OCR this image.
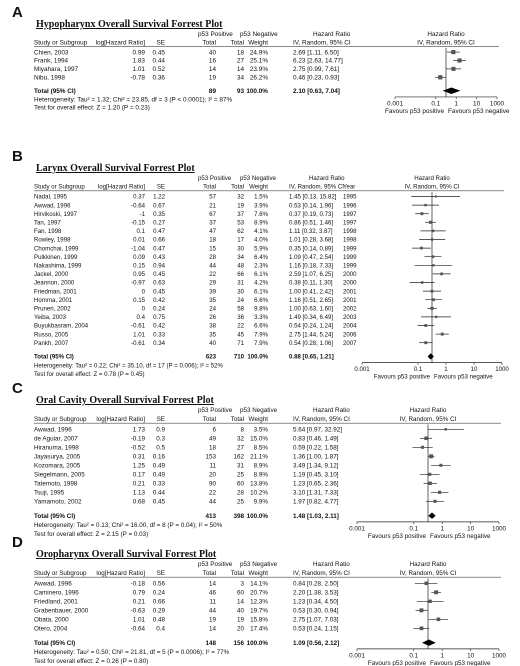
A
Hypopharynx Overall Survival Forrest Plot
p53 Positive p53 Negative	Hazard Ratio	Hazard Ratio
Study or Subgroup log[Hazard Ratio] SE	Total Total Weight	IV, Random, 95% CI	IV, Random, 95% CI
Chien, 2003	0.99 0.45	40	18 24.9%	2.69 [1.11, 6.50]
Frank, 1994	1.83 0.44	16	27 25.1%	6.23 [2.63, 14.77]
Miyahara, 1997	1.01 0.52	14	14 23.9%	2.75 [0.99, 7.61]
Nibu, 1998	-0.78 0.36	19	34 26.2%	0.46 [0.23, 0.93]
Total (95% CI)	89	93 100.0%	2.10 [0.63, 7.04]
Heterogeneity: Tau² = 1.32; Chi² = 23.85, df = 3 (P < 0.0001); I² = 87%
Test for overall effect: Z = 1.20 (P = 0.23)
0.001	0.1 1 10 1000
Favours p53 positive Favours p53 negative
B
Larynx Overall Survival Forrest Plot
p53 Positive p53 Negative	Hazard Ratio	Hazard Ratio
Study or Subgroup log[Hazard Ratio] SE	Total Total Weight	IV, Random, 95% CI Year	IV, Random, 95% CI
Nadal, 1995	0.37 1.22	57	32 1.5%	1.45 [0.13, 15.82] 1995
Awwad, 1996	-0.64 0.67	21	19 3.9%	0.53 [0.14, 1.96] 1996
Hirvikoski, 1997	-1 0.35	67	37 7.6%	0.37 [0.19, 0.73] 1997
Tan, 1997	-0.15 0.27	37	53 8.9%	0.86 [0.51, 1.46] 1997
Fan, 1998	0.1 0.47	47	62 4.1%	1.11 [0.32, 3.87] 1998
Rowley, 1998	0.01 0.66	18	17 4.0%	1.01 [0.28, 3.68] 1998
Chomchai, 1999	-1.04 0.47	15	30 5.9%	0.35 [0.14, 0.89] 1999
Pulkkinen, 1999	0.09 0.43	28	34 6.4%	1.09 [0.47, 2.54] 1999
Nakashima, 1999	0.15 0.94	44	48 2.3%	1.16 [0.18, 7.33] 1999
Jackel, 2000	0.95 0.45	22	66 6.1%	2.59 [1.07, 6.25] 2000
Jeannon, 2000	-0.97 0.63	29	31 4.2%	0.38 [0.11, 1.30] 2000
Friedman, 2001	0 0.45	39	30 6.1%	1.00 [0.41, 2.42] 2001
Homma, 2001	0.15 0.42	35	24 6.6%	1.16 [0.51, 2.65] 2001
Pruneri, 2002	0 0.24	24	58 9.8%	1.00 [0.63, 1.60] 2002
Yeiba, 2003	0.4 0.75	26	36 3.3%	1.49 [0.34, 6.49] 2003
Buyukbasram, 2004	-0.61 0.42	38	22 6.6%	0.54 [0.24, 1.24] 2004
Russo, 2005	1.01 0.33	35	45 7.9%	2.75 [1.44, 5.24] 2006
Pankh, 2007	-0.61 0.34	40	71 7.9%	0.54 [0.28, 1.06] 2007
Total (95% CI)	623	710 100.0%	0.88 [0.65, 1.21]
Heterogeneity: Tau² = 0.22; Chi² = 35.10, df = 17 (P = 0.006); I² = 52%
Test for overall effect: Z = 0.78 (P = 0.45)
0.001	0.1	1	10	1000
Favours p53 positive Favours p53 negative
C
Oral Cavity Overall Survival Forrest Plot
p53 Positive p53 Negative	Hazard Ratio	Hazard Ratio
Study or Subgroup log[Hazard Ratio] SE	Total Total Weight	IV, Random, 95% CI	IV, Random, 95% CI
Awwad, 1996	1.73 0.9	6	8 3.5%	5.64 [0.97, 32.92]
de Aguiar, 2007	-0.19 0.3	49	32 15.0%	0.83 [0.46, 1.49]
Hiranuma, 1998	-0.52 0.5	18	27 8.5%	0.59 [0.22, 1.58]
Jayasurya, 2005	0.31 0.16	153	162 21.1%	1.36 [1.00, 1.87]
Kozomara, 2005	1.25 0.49	11	31 8.9%	3.49 [1.34, 9.12]
Siegelmann, 2005	0.17 0.49	20	25 8.9%	1.19 [0.45, 3.10]
Tatemoto, 1998	0.21 0.33	90	60 13.8%	1.23 [0.65, 2.36]
Tsuji, 1995	1.13 0.44	22	28 10.2%	3.10 [1.31, 7.33]
Yamamoto, 2002	0.68 0.45	44	25 9.9%	1.97 [0.82, 4.77]
Total (95% CI)	413	398 100.0%	1.48 [1.03, 2.11]
Heterogeneity: Tau² = 0.13; Chi² = 16.00, df = 8 (P = 0.04); I² = 50%
Test for overall effect: Z = 2.15 (P = 0.03)
0.001	0.1	1	10	1000
Favours p53 positive Favours p53 negative
D
Oropharynx Overall Survival Forrest Plot
p53 Positive p53 Negative	Hazard Ratio	Hazard Ratio
Study or Subgroup log[Hazard Ratio] SE	Total Total Weight	IV, Random, 95% CI	IV, Random, 95% CI
Awwad, 1996	-0.18 0.56	14	3 14.1%	0.84 [0.28, 2.50]
Caminero, 1996	0.79 0.24	46	60 20.7%	2.20 [1.38, 3.53]
Friedland, 2001	0.21 0.66	11	14 12.3%	1.23 [0.34, 4.50]
Grabenbauer, 2000	-0.63 0.29	44	40 19.7%	0.53 [0.30, 0.94]
Obata, 2000	1.01 0.48	19	19 15.8%	2.75 [1.07, 7.03]
Otero, 2004	-0.64 0.4	14	20 17.4%	0.53 [0.24, 1.15]
Total (95% CI)	148	156 100.0%	1.09 [0.56, 2.12]
Heterogeneity: Tau² = 0.50; Chi² = 21.81, df = 5 (P = 0.0006); I² = 77%
Test for overall effect: Z = 0.26 (P = 0.80)
0.001	0.1	1	10	1000
Favours p53 positive Favours p53 negative
